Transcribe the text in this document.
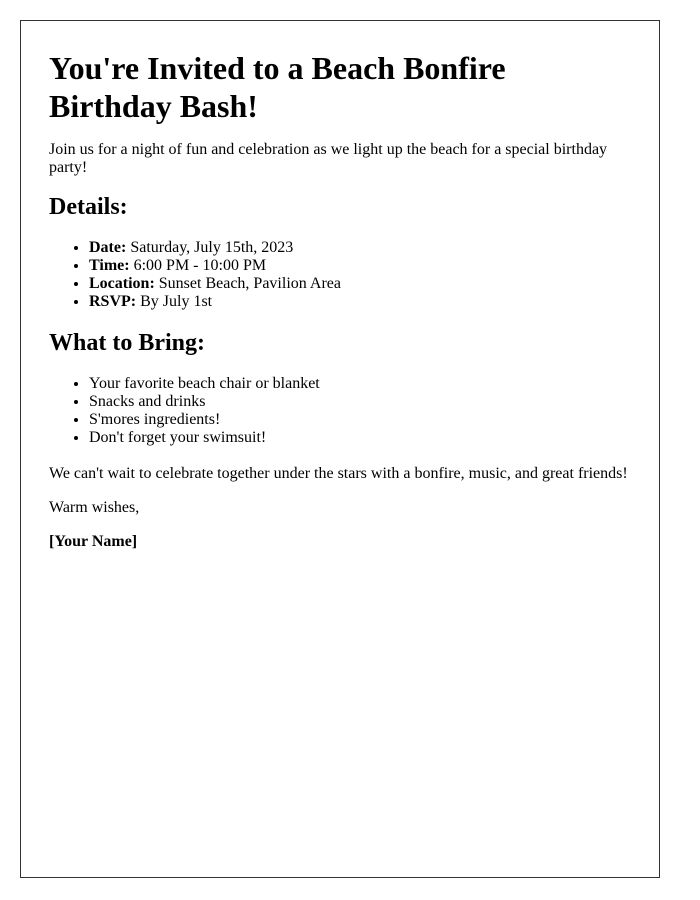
You're Invited to a Beach Bonfire Birthday Bash!

Join us for a night of fun and celebration as we light up the beach for a special birthday party!

Details:
• Date: Saturday, July 15th, 2023
• Time: 6:00 PM - 10:00 PM
• Location: Sunset Beach, Pavilion Area
• RSVP: By July 1st
What to Bring:
• Your favorite beach chair or blanket
• Snacks and drinks
• S'mores ingredients!
• Don't forget your swimsuit!

We can't wait to celebrate together under the stars with a bonfire, music, and great friends!

Warm wishes,

[Your Name]
